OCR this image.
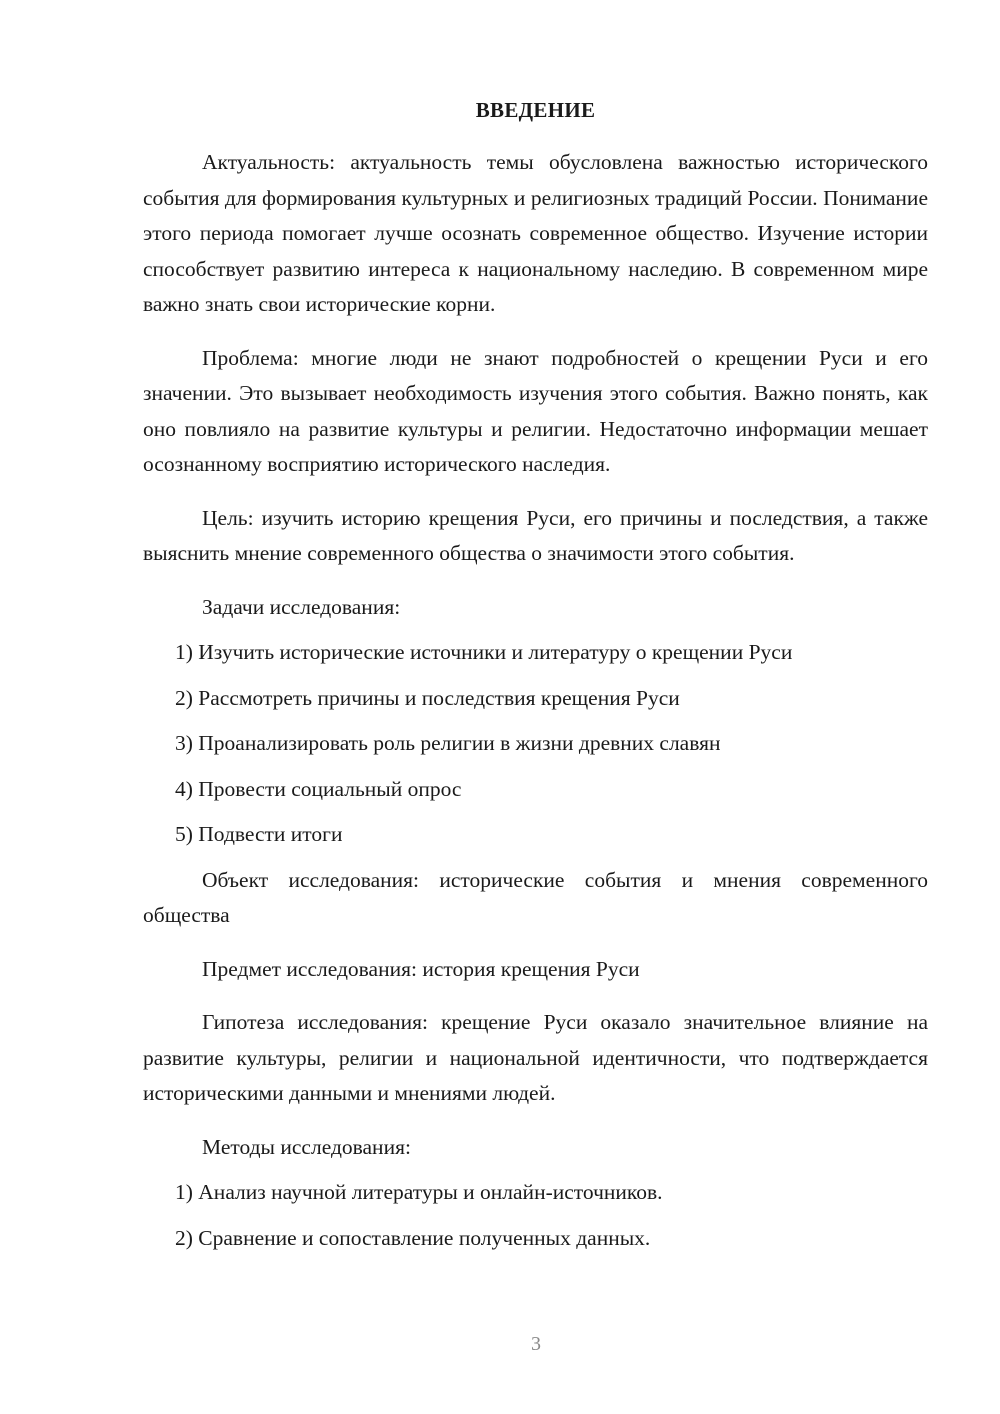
ВВЕДЕНИЕ

Актуальность: актуальность темы обусловлена важностью исторического события для формирования культурных и религиозных традиций России. Понимание этого периода помогает лучше осознать современное общество. Изучение истории способствует развитию интереса к национальному наследию. В современном мире важно знать свои исторические корни.

Проблема: многие люди не знают подробностей о крещении Руси и его значении. Это вызывает необходимость изучения этого события. Важно понять, как оно повлияло на развитие культуры и религии. Недостаточно информации мешает осознанному восприятию исторического наследия.

Цель: изучить историю крещения Руси, его причины и последствия, а также выяснить мнение современного общества о значимости этого события.

Задачи исследования:

1) Изучить исторические источники и литературу о крещении Руси

2) Рассмотреть причины и последствия крещения Руси

3) Проанализировать роль религии в жизни древних славян

4) Провести социальный опрос

5) Подвести итоги

Объект исследования: исторические события и мнения современного общества

Предмет исследования: история крещения Руси

Гипотеза исследования: крещение Руси оказало значительное влияние на развитие культуры, религии и национальной идентичности, что подтверждается историческими данными и мнениями людей.

Методы исследования:

1) Анализ научной литературы и онлайн-источников.

2) Сравнение и сопоставление полученных данных.

3
